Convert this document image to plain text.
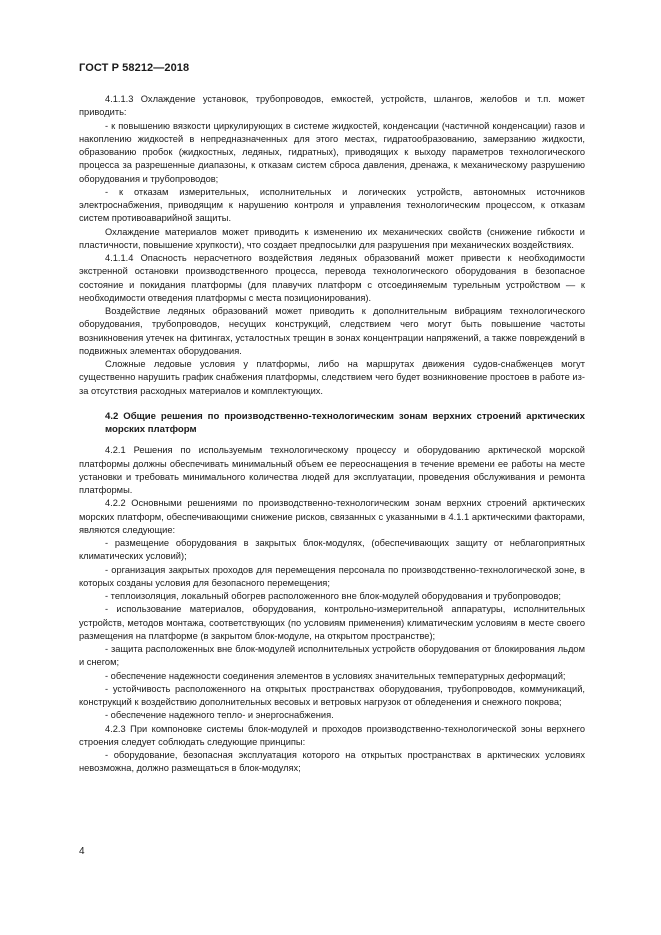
ГОСТ Р 58212—2018

4.1.1.3 Охлаждение установок, трубопроводов, емкостей, устройств, шлангов, желобов и т.п. может приводить:

- к повышению вязкости циркулирующих в системе жидкостей, конденсации (частичной конденсации) газов и накоплению жидкостей в непредназначенных для этого местах, гидратообразованию, замерзанию жидкости, образованию пробок (жидкостных, ледяных, гидратных), приводящих к выходу параметров технологического процесса за разрешенные диапазоны, к отказам систем сброса давления, дренажа, к механическому разрушению оборудования и трубопроводов;

- к отказам измерительных, исполнительных и логических устройств, автономных источников электроснабжения, приводящим к нарушению контроля и управления технологическим процессом, к отказам систем противоаварийной защиты.

Охлаждение материалов может приводить к изменению их механических свойств (снижение гибкости и пластичности, повышение хрупкости), что создает предпосылки для разрушения при механических воздействиях.

4.1.1.4 Опасность нерасчетного воздействия ледяных образований может привести к необходимости экстренной остановки производственного процесса, перевода технологического оборудования в безопасное состояние и покидания платформы (для плавучих платформ с отсоединяемым турельным устройством — к необходимости отведения платформы с места позиционирования).

Воздействие ледяных образований может приводить к дополнительным вибрациям технологического оборудования, трубопроводов, несущих конструкций, следствием чего могут быть повышение частоты возникновения утечек на фитингах, усталостных трещин в зонах концентрации напряжений, а также повреждений в подвижных элементах оборудования.

Сложные ледовые условия у платформы, либо на маршрутах движения судов-снабженцев могут существенно нарушить график снабжения платформы, следствием чего будет возникновение простоев в работе из-за отсутствия расходных материалов и комплектующих.

4.2 Общие решения по производственно-технологическим зонам верхних строений арктических морских платформ

4.2.1 Решения по используемым технологическому процессу и оборудованию арктической морской платформы должны обеспечивать минимальный объем ее переоснащения в течение времени ее работы на месте установки и требовать минимального количества людей для эксплуатации, проведения обслуживания и ремонта платформы.

4.2.2 Основными решениями по производственно-технологическим зонам верхних строений арктических морских платформ, обеспечивающими снижение рисков, связанных с указанными в 4.1.1 арктическими факторами, являются следующие:

- размещение оборудования в закрытых блок-модулях, (обеспечивающих защиту от неблагоприятных климатических условий);

- организация закрытых проходов для перемещения персонала по производственно-технологической зоне, в которых созданы условия для безопасного перемещения;

- теплоизоляция, локальный обогрев расположенного вне блок-модулей оборудования и трубопроводов;

- использование материалов, оборудования, контрольно-измерительной аппаратуры, исполнительных устройств, методов монтажа, соответствующих (по условиям применения) климатическим условиям в месте своего размещения на платформе (в закрытом блок-модуле, на открытом пространстве);

- защита расположенных вне блок-модулей исполнительных устройств оборудования от блокирования льдом и снегом;

- обеспечение надежности соединения элементов в условиях значительных температурных деформаций;

- устойчивость расположенного на открытых пространствах оборудования, трубопроводов, коммуникаций, конструкций к воздействию дополнительных весовых и ветровых нагрузок от обледенения и снежного покрова;

- обеспечение надежного тепло- и энергоснабжения.

4.2.3 При компоновке системы блок-модулей и проходов производственно-технологической зоны верхнего строения следует соблюдать следующие принципы:

- оборудование, безопасная эксплуатация которого на открытых пространствах в арктических условиях невозможна, должно размещаться в блок-модулях;

4
